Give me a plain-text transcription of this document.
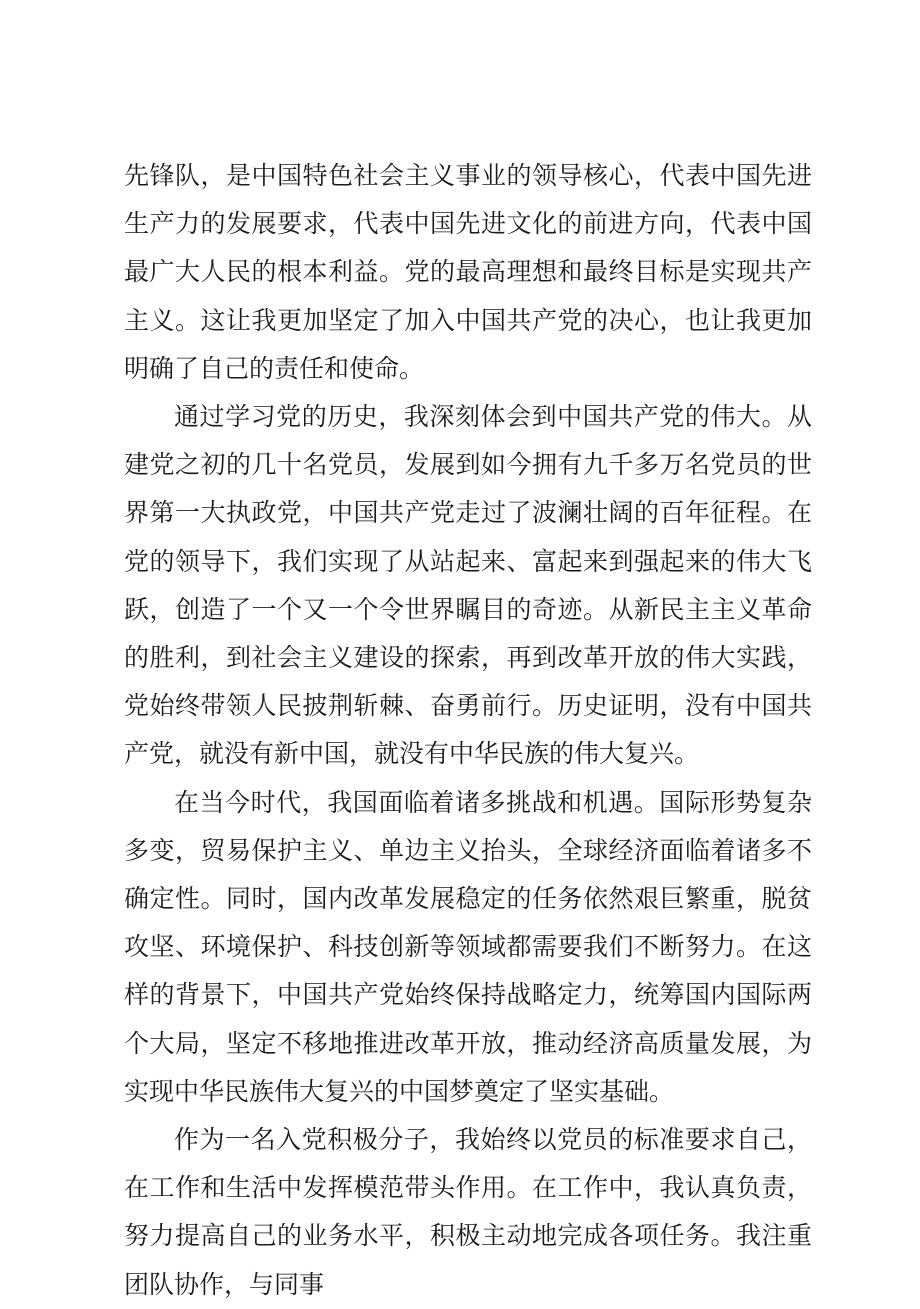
先锋队，是中国特色社会主义事业的领导核心，代表中国先进生产力的发展要求，代表中国先进文化的前进方向，代表中国最广大人民的根本利益。党的最高理想和最终目标是实现共产主义。这让我更加坚定了加入中国共产党的决心，也让我更加明确了自己的责任和使命。

通过学习党的历史，我深刻体会到中国共产党的伟大。从建党之初的几十名党员，发展到如今拥有九千多万名党员的世界第一大执政党，中国共产党走过了波澜壮阔的百年征程。在党的领导下，我们实现了从站起来、富起来到强起来的伟大飞跃，创造了一个又一个令世界瞩目的奇迹。从新民主主义革命的胜利，到社会主义建设的探索，再到改革开放的伟大实践，党始终带领人民披荆斩棘、奋勇前行。历史证明，没有中国共产党，就没有新中国，就没有中华民族的伟大复兴。

在当今时代，我国面临着诸多挑战和机遇。国际形势复杂多变，贸易保护主义、单边主义抬头，全球经济面临着诸多不确定性。同时，国内改革发展稳定的任务依然艰巨繁重，脱贫攻坚、环境保护、科技创新等领域都需要我们不断努力。在这样的背景下，中国共产党始终保持战略定力，统筹国内国际两个大局，坚定不移地推进改革开放，推动经济高质量发展，为实现中华民族伟大复兴的中国梦奠定了坚实基础。

作为一名入党积极分子，我始终以党员的标准要求自己，在工作和生活中发挥模范带头作用。在工作中，我认真负责，努力提高自己的业务水平，积极主动地完成各项任务。我注重团队协作，与同事
